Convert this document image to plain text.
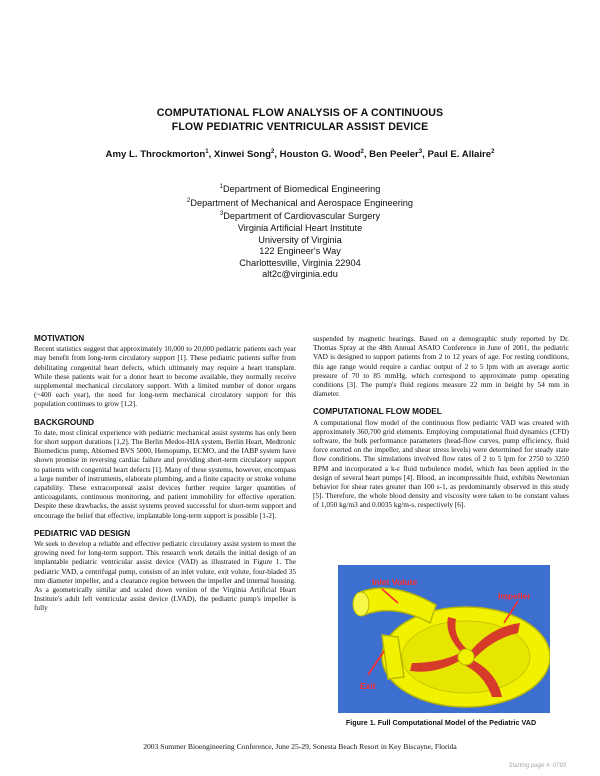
COMPUTATIONAL FLOW ANALYSIS OF A CONTINUOUS
FLOW PEDIATRIC VENTRICULAR ASSIST DEVICE
Amy L. Throckmorton$^1$, Xinwei Song$^2$, Houston G. Wood$^2$, Ben Peeler$^3$, Paul E. Allaire$^2$
$^1$Department of Biomedical Engineering
$^2$Department of Mechanical and Aerospace Engineering
$^3$Department of Cardiovascular Surgery
Virginia Artificial Heart Institute
University of Virginia
122 Engineer's Way
Charlottesville, Virginia 22904
alt2c@virginia.edu
MOTIVATION

Recent statistics suggest that approximately 10,000 to 20,000 pediatric patients each year may benefit from long-term circulatory support [1]. These pediatric patients suffer from debilitating congenital heart defects, which ultimately may require a heart transplant. While these patients wait for a donor heart to become available, they normally receive supplemental mechanical circulatory support. With a limited number of donor organs (~400 each year), the need for long-term mechanical circulatory support for this population continues to grow [1,2].

BACKGROUND

To date, most clinical experience with pediatric mechanical assist systems has only been for short support durations [1,2]. The Berlin Medos-HIA system, Berlin Heart, Medtronic Biomedicus pump, Abiomed BVS 5000, Hemopump, ECMO, and the IABP system have shown promise in reversing cardiac failure and providing short-term circulatory support to patients with congenital heart defects [1]. Many of these systems, however, encompass a large number of instruments, elaborate plumbing, and a finite capacity or stroke volume capability. These extracorporeal assist devices further require larger quantities of anticoagulants, continuous monitoring, and patient immobility for effective operation. Despite these drawbacks, the assist systems proved successful for short-term support and encourage the belief that effective, implantable long-term support is possible [1-2].

PEDIATRIC VAD DESIGN

We seek to develop a reliable and effective pediatric circulatory assist system to meet the growing need for long-term support. This research work details the initial design of an implantable pediatric ventricular assist device (VAD) as illustrated in Figure 1. The pediatric VAD, a centrifugal pump, consists of an inlet volute, exit volute, four-bladed 35 mm diameter impeller, and a clearance region between the impeller and internal housing. As a geometrically similar and scaled down version of the Virginia Artificial Heart Institute's adult left ventricular assist device (LVAD), the pediatric pump's impeller is fully

suspended by magnetic bearings. Based on a demographic study reported by Dr. Thomas Spray at the 48th Annual ASAIO Conference in June of 2001, the pediatric VAD is designed to support patients from 2 to 12 years of age. For resting conditions, this age range would require a cardiac output of 2 to 5 lpm with an average aortic pressure of 70 to 85 mmHg, which correspond to approximate pump operating conditions [3]. The pump's fluid regions measure 22 mm in height by 54 mm in diameter.

COMPUTATIONAL FLOW MODEL

A computational flow model of the continuous flow pediatric VAD was created with approximately 360,700 grid elements. Employing computational fluid dynamics (CFD) software, the bulk performance parameters (head-flow curves, pump efficiency, fluid force exerted on the impeller, and shear stress levels) were determined for steady state flow conditions. The simulations involved flow rates of 2 to 5 lpm for 2750 to 3250 RPM and incorporated a k-ε fluid turbulence model, which has been applied in the design of several heart pumps [4]. Blood, an incompressible fluid, exhibits Newtonian behavior for shear rates greater than 100 s-1, as predominantly observed in this study [5]. Therefore, the whole blood density and viscosity were taken to be constant values of 1,050 kg/m3 and 0.0035 kg/m-s, respectively [6].

Inlet Volute
Impeller
Exit
Figure 1. Full Computational Model of the Pediatric VAD
2003 Summer Bioengineering Conference, June 25-29, Sonesta Beach Resort in Key Biscayne, Florida
Starting page #: 0793
